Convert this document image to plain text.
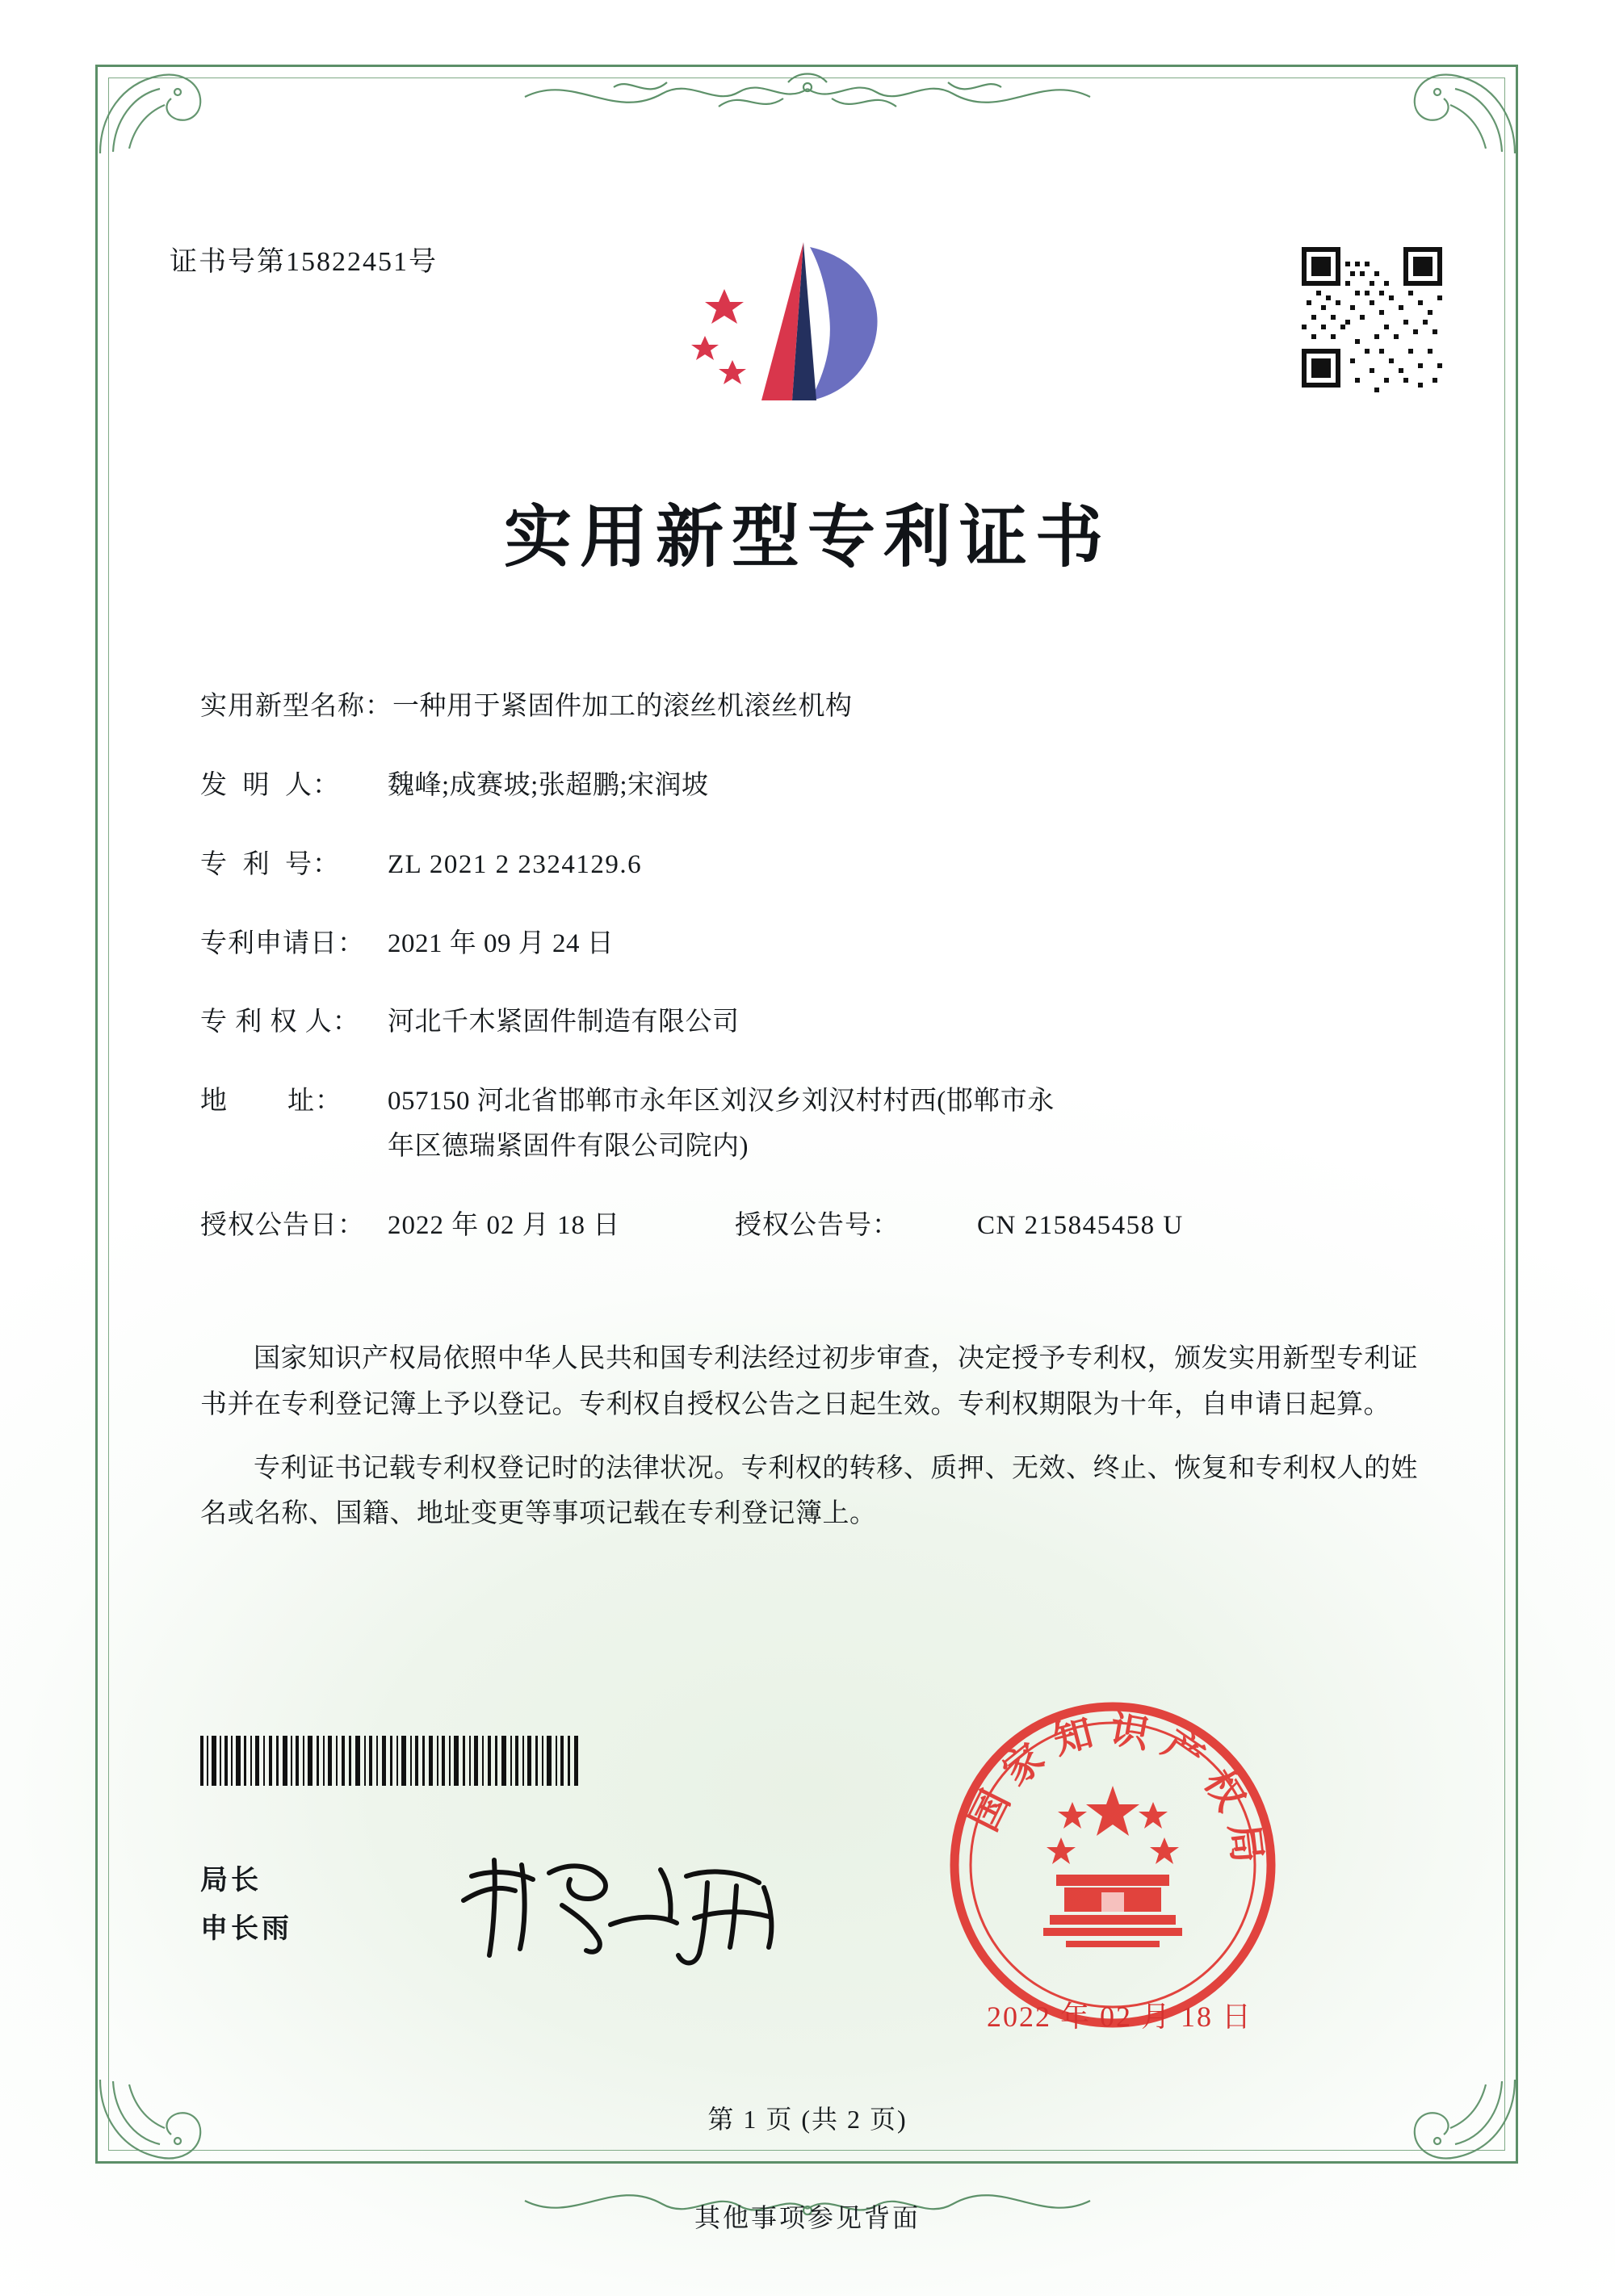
证书号第15822451号
实用新型专利证书
实用新型名称： 一种用于紧固件加工的滚丝机滚丝机构
发  明  人：	魏峰;成赛坡;张超鹏;宋润坡
专  利  号：	ZL 2021 2 2324129.6
专利申请日： 2021 年 09 月 24 日
专 利 权 人：	河北千木紧固件制造有限公司
地        址：	057150 河北省邯郸市永年区刘汉乡刘汉村村西(邯郸市永
年区德瑞紧固件有限公司院内)
授权公告日： 2022 年 02 月 18 日	授权公告号：	CN 215845458 U

国家知识产权局依照中华人民共和国专利法经过初步审查，决定授予专利权，颁发实用新型专利证书并在专利登记簿上予以登记。专利权自授权公告之日起生效。专利权期限为十年，自申请日起算。

专利证书记载专利权登记时的法律状况。专利权的转移、质押、无效、终止、恢复和专利权人的姓名或名称、国籍、地址变更等事项记载在专利登记簿上。

局长
申长雨
国家知识产权局
2022 年 02 月 18 日
第 1 页 (共 2 页)
其他事项参见背面
